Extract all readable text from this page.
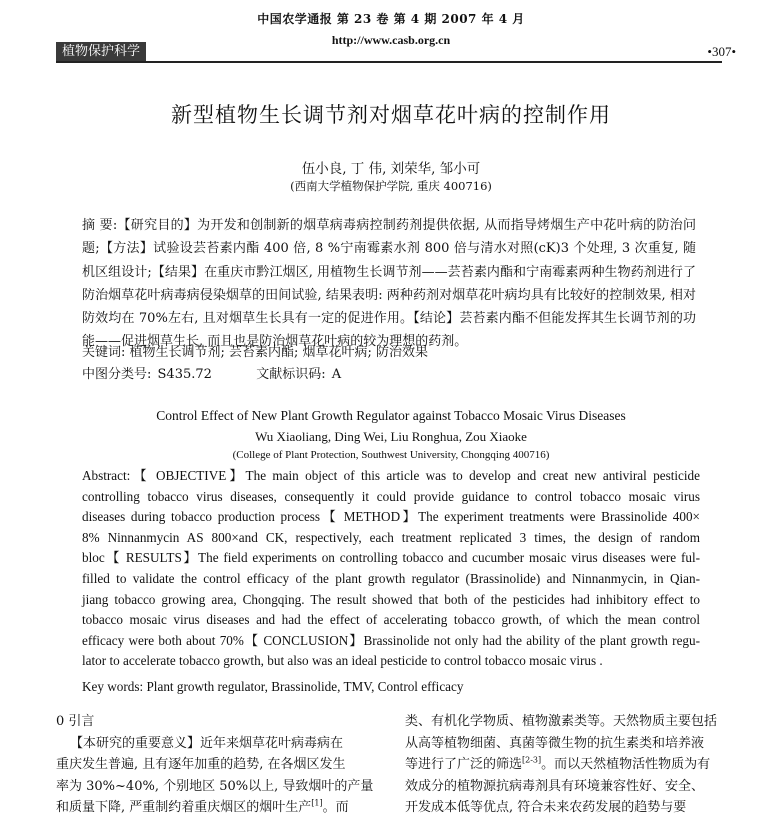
中国农学通报 第 23 卷 第 4 期 2007 年 4 月
http://www.casb.org.cn
植物保护科学	•307•
新型植物生长调节剂对烟草花叶病的控制作用
伍小良, 丁 伟, 刘荣华, 邹小可
(西南大学植物保护学院, 重庆 400716)

摘 要:【研究目的】为开发和创制新的烟草病毒病控制药剂提供依据, 从而指导烤烟生产中花叶病的防治问题;【方法】试验设芸苔素内酯 400 倍, 8 %宁南霉素水剂 800 倍与清水对照(cK)3 个处理, 3 次重复, 随机区组设计;【结果】在重庆市黔江烟区, 用植物生长调节剂——芸苔素内酯和宁南霉素两种生物药剂进行了防治烟草花叶病毒病侵染烟草的田间试验, 结果表明: 两种药剂对烟草花叶病均具有比较好的控制效果, 相对防效均在 70%左右, 且对烟草生长具有一定的促进作用。【结论】芸苔素内酯不但能发挥其生长调节剂的功能——促进烟草生长, 而且也是防治烟草花叶病的较为理想的药剂。

关键词: 植物生长调节剂; 芸苔素内酯; 烟草花叶病; 防治效果
中图分类号: S435.72	文献标识码: A
Control Effect of New Plant Growth Regulator against Tobacco Mosaic Virus Diseases
Wu Xiaoliang, Ding Wei, Liu Ronghua, Zou Xiaoke
(College of Plant Protection, Southwest University, Chongqing 400716)
Abstract:【 OBJECTIVE】The main object of this article was to develop and creat new antiviral pesticide
controlling tobacco virus diseases, consequently it could provide guidance to control tobacco mosaic virus
diseases during tobacco production process【 METHOD】The experiment treatments were Brassinolide 400×
8% Ninnanmycin AS 800×and CK, respectively, each treatment replicated 3 times, the design of random
bloc【 RESULTS】The field experiments on controlling tobacco and cucumber mosaic virus diseases were ful-
filled to validate the control efficacy of the plant growth regulator (Brassinolide) and Ninnanmycin, in Qian-
jiang tobacco growing area, Chongqing. The result showed that both of the pesticides had inhibitory effect to
tobacco mosaic virus diseases and had the effect of accelerating tobacco growth, of which the mean control
efficacy were both about 70%【 CONCLUSION】Brassinolide not only had the ability of the plant growth regu-
lator to accelerate tobacco growth, but also was an ideal pesticide to control tobacco mosaic virus .
Key words: Plant growth regulator, Brassinolide, TMV, Control efficacy
0 引言
【本研究的重要意义】近年来烟草花叶病毒病在
重庆发生普遍, 且有逐年加重的趋势, 在各烟区发生
率为 30%~40%, 个别地区 50%以上, 导致烟叶的产量
和质量下降, 严重制约着重庆烟区的烟叶生产[1]。而
类、有机化学物质、植物激素类等。天然物质主要包括
从高等植物细菌、真菌等微生物的抗生素类和培养液
等进行了广泛的筛选[2-3]。而以天然植物活性物质为有
效成分的植物源抗病毒剂具有环境兼容性好、安全、
开发成本低等优点, 符合未来农药发展的趋势与要
